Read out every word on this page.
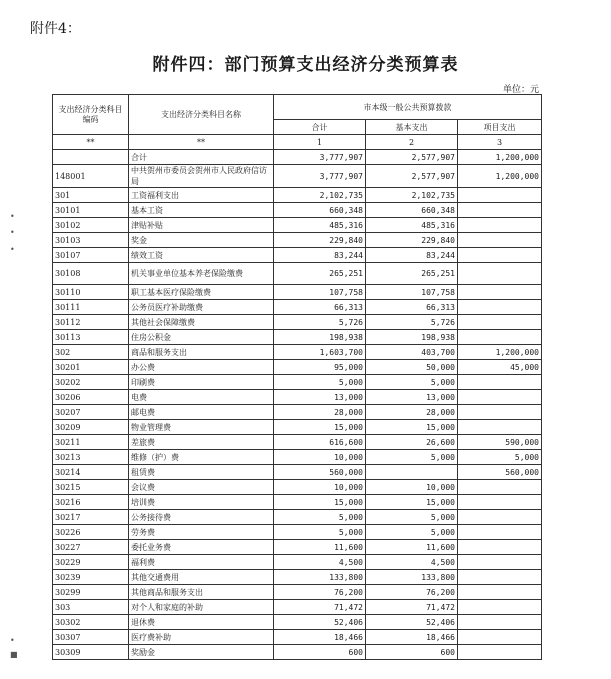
附件4：
附件四：部门预算支出经济分类预算表
单位：元
•
•
•
•
■
支出经济分类科目编码	支出经济分类科目名称	市本级一般公共预算拨款		
		合计	基本支出	项目支出
**	**	1	2	3
	合计	3,777,907	2,577,907	1,200,000
148001	中共贺州市委员会贺州市人民政府信访局	3,777,907	2,577,907	1,200,000
301	工资福利支出	2,102,735	2,102,735	
30101	基本工资	660,348	660,348	
30102	津贴补贴	485,316	485,316	
30103	奖金	229,840	229,840	
30107	绩效工资	83,244	83,244	
30108	机关事业单位基本养老保险缴费	265,251	265,251	
30110	职工基本医疗保险缴费	107,758	107,758	
30111	公务员医疗补助缴费	66,313	66,313	
30112	其他社会保障缴费	5,726	5,726	
30113	住房公积金	198,938	198,938	
302	商品和服务支出	1,603,700	403,700	1,200,000
30201	办公费	95,000	50,000	45,000
30202	印刷费	5,000	5,000	
30206	电费	13,000	13,000	
30207	邮电费	28,000	28,000	
30209	物业管理费	15,000	15,000	
30211	差旅费	616,600	26,600	590,000
30213	维修（护）费	10,000	5,000	5,000
30214	租赁费	560,000		560,000
30215	会议费	10,000	10,000	
30216	培训费	15,000	15,000	
30217	公务接待费	5,000	5,000	
30226	劳务费	5,000	5,000	
30227	委托业务费	11,600	11,600	
30229	福利费	4,500	4,500	
30239	其他交通费用	133,800	133,800	
30299	其他商品和服务支出	76,200	76,200	
303	对个人和家庭的补助	71,472	71,472	
30302	退休费	52,406	52,406	
30307	医疗费补助	18,466	18,466	
30309	奖励金	600	600	
